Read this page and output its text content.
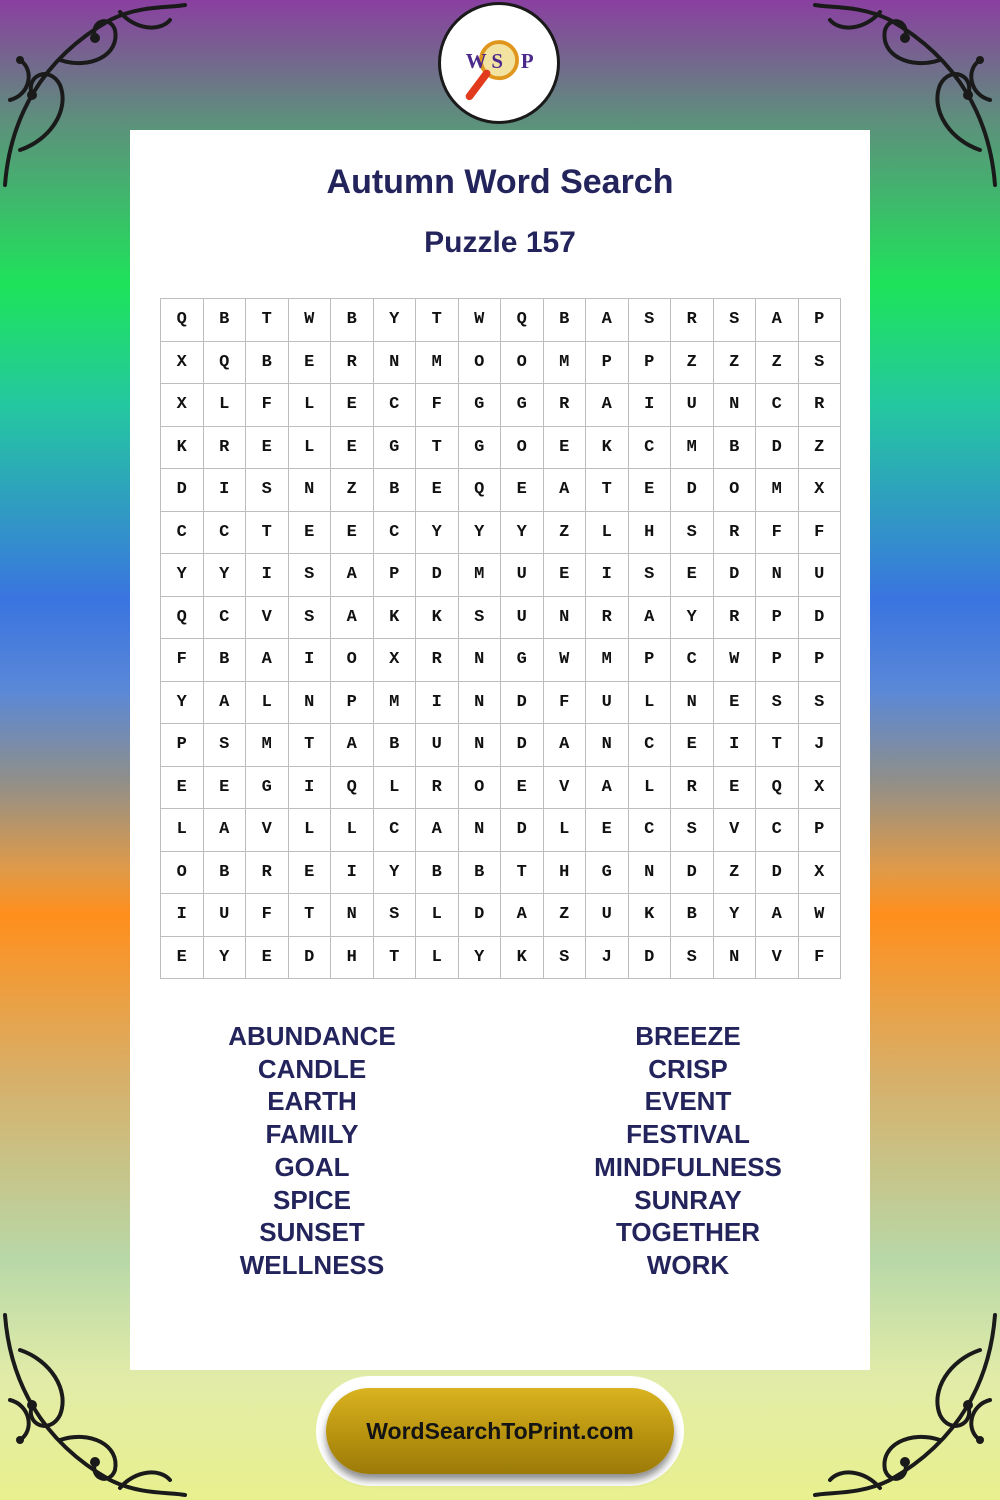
W S P
Autumn Word Search
Puzzle 157
Q	B	T	W	B	Y	T	W	Q	B	A	S	R	S	A	P
X	Q	B	E	R	N	M	O	O	M	P	P	Z	Z	Z	S
X	L	F	L	E	C	F	G	G	R	A	I	U	N	C	R
K	R	E	L	E	G	T	G	O	E	K	C	M	B	D	Z
D	I	S	N	Z	B	E	Q	E	A	T	E	D	O	M	X
C	C	T	E	E	C	Y	Y	Y	Z	L	H	S	R	F	F
Y	Y	I	S	A	P	D	M	U	E	I	S	E	D	N	U
Q	C	V	S	A	K	K	S	U	N	R	A	Y	R	P	D
F	B	A	I	O	X	R	N	G	W	M	P	C	W	P	P
Y	A	L	N	P	M	I	N	D	F	U	L	N	E	S	S
P	S	M	T	A	B	U	N	D	A	N	C	E	I	T	J
E	E	G	I	Q	L	R	O	E	V	A	L	R	E	Q	X
L	A	V	L	L	C	A	N	D	L	E	C	S	V	C	P
O	B	R	E	I	Y	B	B	T	H	G	N	D	Z	D	X
I	U	F	T	N	S	L	D	A	Z	U	K	B	Y	A	W
E	Y	E	D	H	T	L	Y	K	S	J	D	S	N	V	F
ABUNDANCE
CANDLE
EARTH
FAMILY
GOAL
SPICE
SUNSET
WELLNESS
BREEZE
CRISP
EVENT
FESTIVAL
MINDFULNESS
SUNRAY
TOGETHER
WORK
WordSearchToPrint.com
